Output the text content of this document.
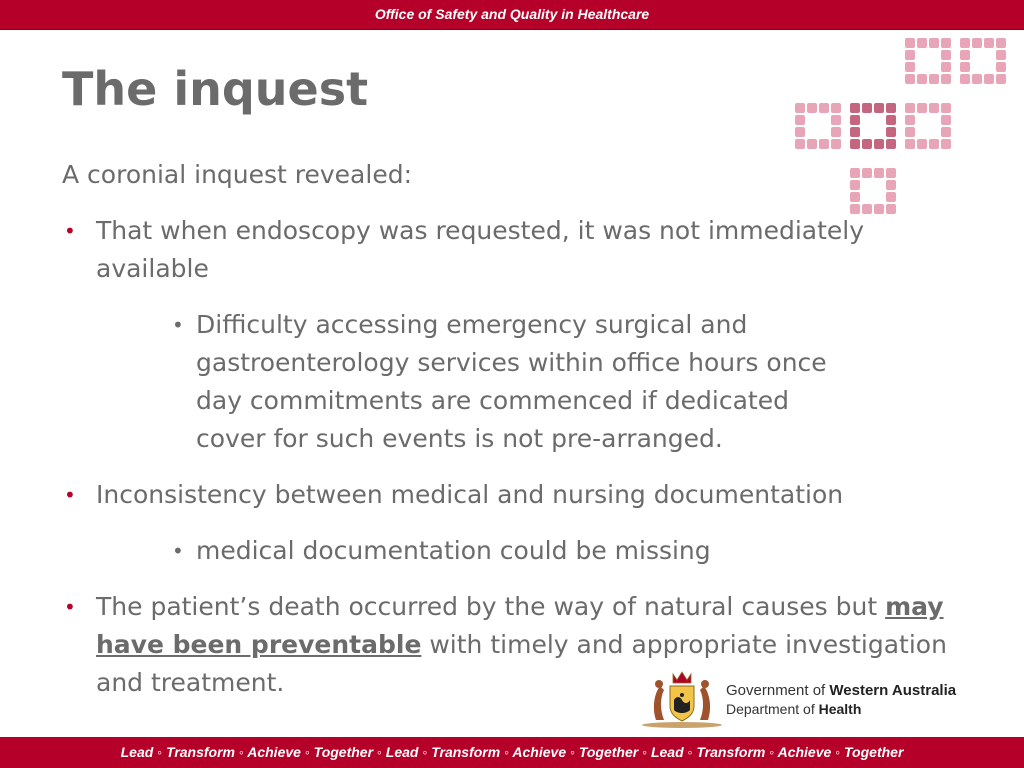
Office of Safety and Quality in Healthcare
The inquest

A coronial inquest revealed:

• That when endoscopy was requested, it was not immediately available
• Difficulty accessing emergency surgical and gastroenterology services within office hours once day commitments are commenced if dedicated cover for such events is not pre-arranged.
• Inconsistency between medical and nursing documentation
• medical documentation could be missing
• The patient’s death occurred by the way of natural causes but may have been preventable with timely and appropriate investigation and treatment.	Government of Western Australia
Department of Health
Lead ◦ Transform ◦ Achieve ◦ Together ◦ Lead ◦ Transform ◦ Achieve ◦ Together ◦ Lead ◦ Transform ◦ Achieve ◦ Together
